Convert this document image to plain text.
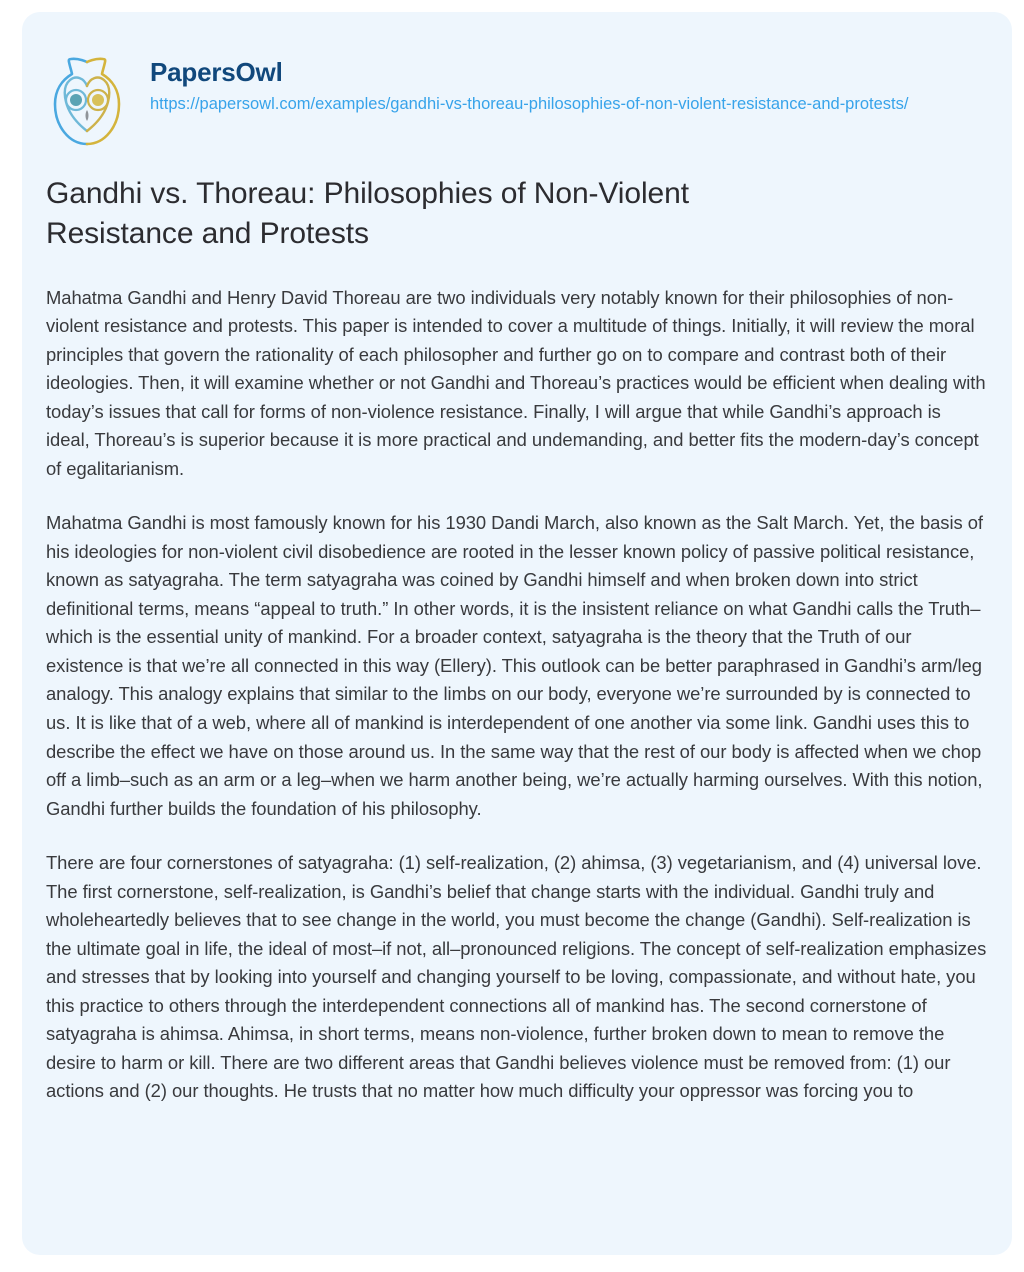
PapersOwl
https://papersowl.com/examples/gandhi-vs-thoreau-philosophies-of-non-violent-resistance-and-protests/
Gandhi vs. Thoreau: Philosophies of Non-Violent Resistance and Protests

Mahatma Gandhi and Henry David Thoreau are two individuals very notably known for their philosophies of non-violent resistance and protests. This paper is intended to cover a multitude of things. Initially, it will review the moral principles that govern the rationality of each philosopher and further go on to compare and contrast both of their ideologies. Then, it will examine whether or not Gandhi and Thoreau’s practices would be efficient when dealing with today’s issues that call for forms of non-violence resistance. Finally, I will argue that while Gandhi’s approach is ideal, Thoreau’s is superior because it is more practical and undemanding, and better fits the modern-day’s concept of egalitarianism.

Mahatma Gandhi is most famously known for his 1930 Dandi March, also known as the Salt March. Yet, the basis of his ideologies for non-violent civil disobedience are rooted in the lesser known policy of passive political resistance, known as satyagraha. The term satyagraha was coined by Gandhi himself and when broken down into strict definitional terms, means “appeal to truth.” In other words, it is the insistent reliance on what Gandhi calls the Truth–which is the essential unity of mankind. For a broader context, satyagraha is the theory that the Truth of our existence is that we’re all connected in this way (Ellery). This outlook can be better paraphrased in Gandhi’s arm/leg analogy. This analogy explains that similar to the limbs on our body, everyone we’re surrounded by is connected to us. It is like that of a web, where all of mankind is interdependent of one another via some link. Gandhi uses this to describe the effect we have on those around us. In the same way that the rest of our body is affected when we chop off a limb–such as an arm or a leg–when we harm another being, we’re actually harming ourselves. With this notion, Gandhi further builds the foundation of his philosophy.

There are four cornerstones of satyagraha: (1) self-realization, (2) ahimsa, (3) vegetarianism, and (4) universal love. The first cornerstone, self-realization, is Gandhi’s belief that change starts with the individual. Gandhi truly and wholeheartedly believes that to see change in the world, you must become the change (Gandhi). Self-realization is the ultimate goal in life, the ideal of most–if not, all–pronounced religions. The concept of self-realization emphasizes and stresses that by looking into yourself and changing yourself to be loving, compassionate, and without hate, you this practice to others through the interdependent connections all of mankind has. The second cornerstone of satyagraha is ahimsa. Ahimsa, in short terms, means non-violence, further broken down to mean to remove the desire to harm or kill. There are two different areas that Gandhi believes violence must be removed from: (1) our actions and (2) our thoughts. He trusts that no matter how much difficulty your oppressor was forcing you to
